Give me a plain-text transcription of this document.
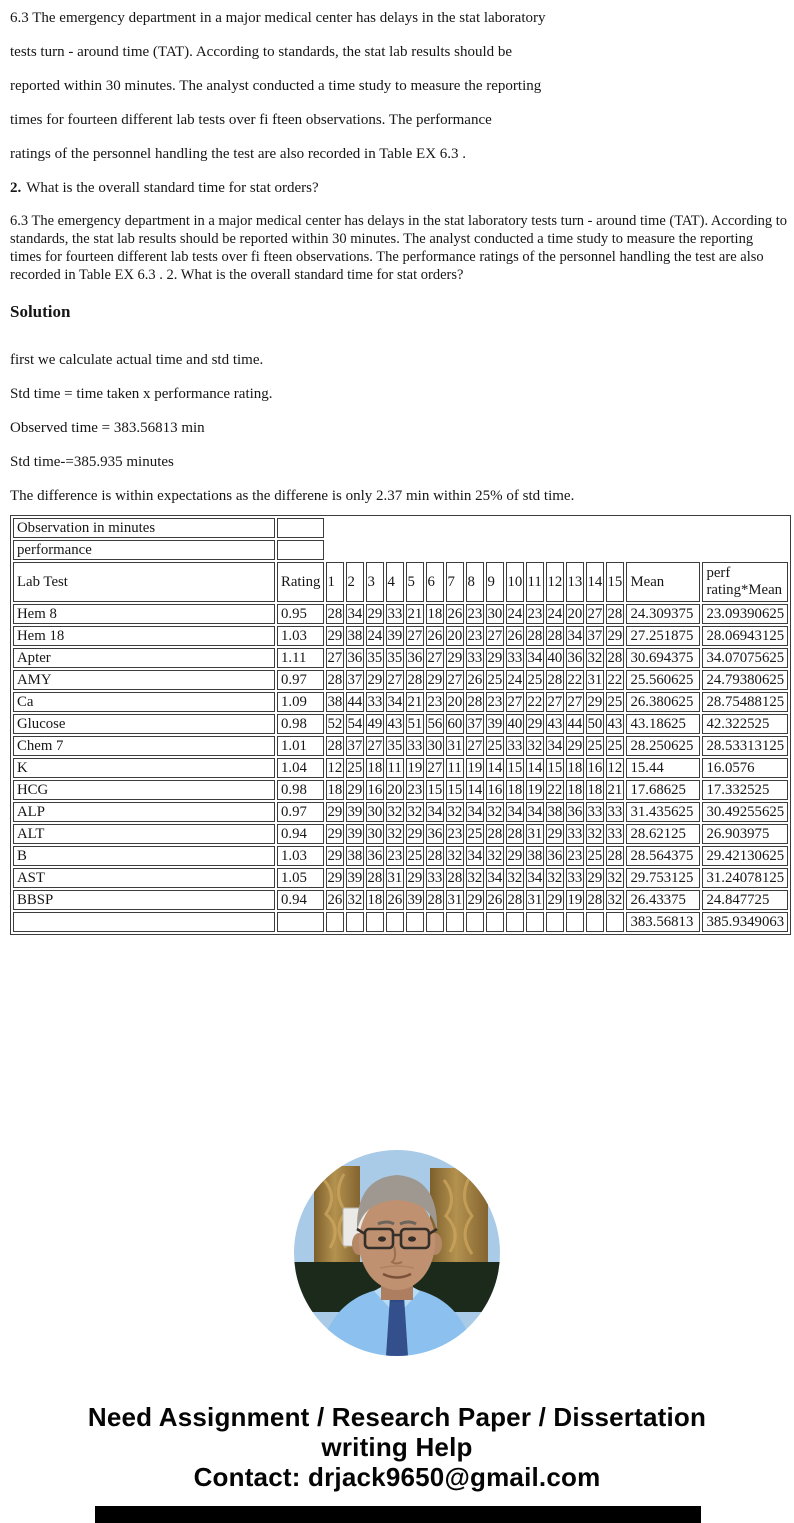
6.3 The emergency department in a major medical center has delays in the stat laboratory
tests turn - around time (TAT). According to standards, the stat lab results should be
reported within 30 minutes. The analyst conducted a time study to measure the reporting
times for fourteen different lab tests over fi fteen observations. The performance
ratings of the personnel handling the test are also recorded in Table EX 6.3 .

2. What is the overall standard time for stat orders?

6.3 The emergency department in a major medical center has delays in the stat laboratory tests turn - around time (TAT). According to standards, the stat lab results should be reported within 30 minutes. The analyst conducted a time study to measure the reporting times for fourteen different lab tests over fi fteen observations. The performance ratings of the personnel handling the test are also recorded in Table EX 6.3 . 2. What is the overall standard time for stat orders?

Solution
first we calculate actual time and std time.
Std time = time taken x performance rating.
Observed time = 383.56813 min
Std time-=385.935 minutes
The difference is within expectations as the differene is only 2.37 min within 25% of std time.
Observation in minutes																		
performance																		
Lab Test	Rating	1	2	3	4	5	6	7	8	9	10	11	12	13	14	15	Mean	perf rating*Mean
Hem 8	0.95	28	34	29	33	21	18	26	23	30	24	23	24	20	27	28	24.309375	23.09390625
Hem 18	1.03	29	38	24	39	27	26	20	23	27	26	28	28	34	37	29	27.251875	28.06943125
Apter	1.11	27	36	35	35	36	27	29	33	29	33	34	40	36	32	28	30.694375	34.07075625
AMY	0.97	28	37	29	27	28	29	27	26	25	24	25	28	22	31	22	25.560625	24.79380625
Ca	1.09	38	44	33	34	21	23	20	28	23	27	22	27	27	29	25	26.380625	28.75488125
Glucose	0.98	52	54	49	43	51	56	60	37	39	40	29	43	44	50	43	43.18625	42.322525
Chem 7	1.01	28	37	27	35	33	30	31	27	25	33	32	34	29	25	25	28.250625	28.53313125
K	1.04	12	25	18	11	19	27	11	19	14	15	14	15	18	16	12	15.44	16.0576
HCG	0.98	18	29	16	20	23	15	15	14	16	18	19	22	18	18	21	17.68625	17.332525
ALP	0.97	29	39	30	32	32	34	32	34	32	34	34	38	36	33	33	31.435625	30.49255625
ALT	0.94	29	39	30	32	29	36	23	25	28	28	31	29	33	32	33	28.62125	26.903975
B	1.03	29	38	36	23	25	28	32	34	32	29	38	36	23	25	28	28.564375	29.42130625
AST	1.05	29	39	28	31	29	33	28	32	34	32	34	32	33	29	32	29.753125	31.24078125
BBSP	0.94	26	32	18	26	39	28	31	29	26	28	31	29	19	28	32	26.43375	24.847725
																	383.56813	385.9349063
Need Assignment / Research Paper / Dissertation
writing Help
Contact: drjack9650@gmail.com
